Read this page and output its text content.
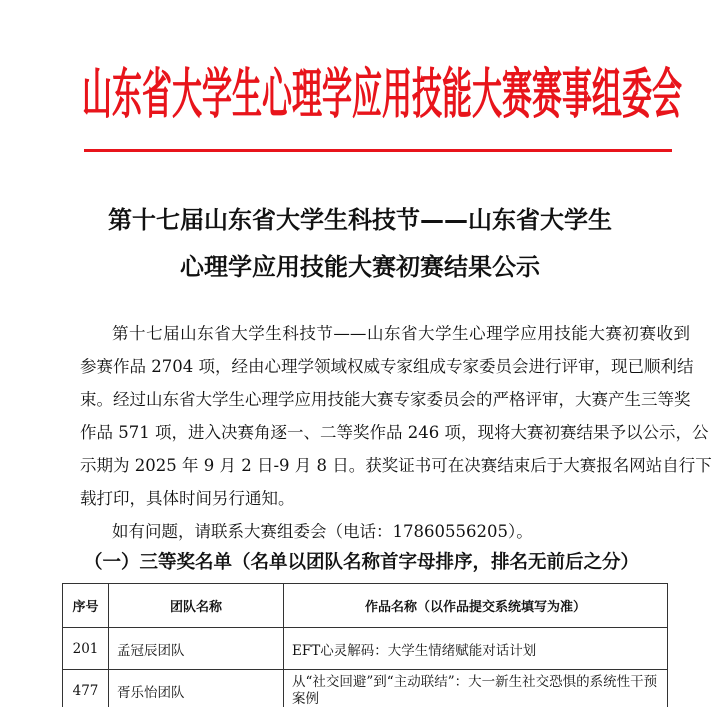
山东省大学生心理学应用技能大赛赛事组委会
第十七届山东省大学生科技节——山东省大学生
心理学应用技能大赛初赛结果公示
第十七届山东省大学生科技节——山东省大学生心理学应用技能大赛初赛收到
参赛作品 2704 项，经由心理学领域权威专家组成专家委员会进行评审，现已顺利结
束。经过山东省大学生心理学应用技能大赛专家委员会的严格评审，大赛产生三等奖
作品 571 项，进入决赛角逐一、二等奖作品 246 项，现将大赛初赛结果予以公示，公
示期为 2025 年 9 月 2 日-9 月 8 日。获奖证书可在决赛结束后于大赛报名网站自行下
载打印，具体时间另行通知。
如有问题，请联系大赛组委会（电话：17860556205）。
（一）三等奖名单（名单以团队名称首字母排序，排名无前后之分）
序号	团队名称	作品名称（以作品提交系统填写为准）
201	孟冠辰团队	EFT心灵解码：大学生情绪赋能对话计划
477	胥乐怡团队	从“社交回避”到“主动联结”：大一新生社交恐惧的系统性干预案例
